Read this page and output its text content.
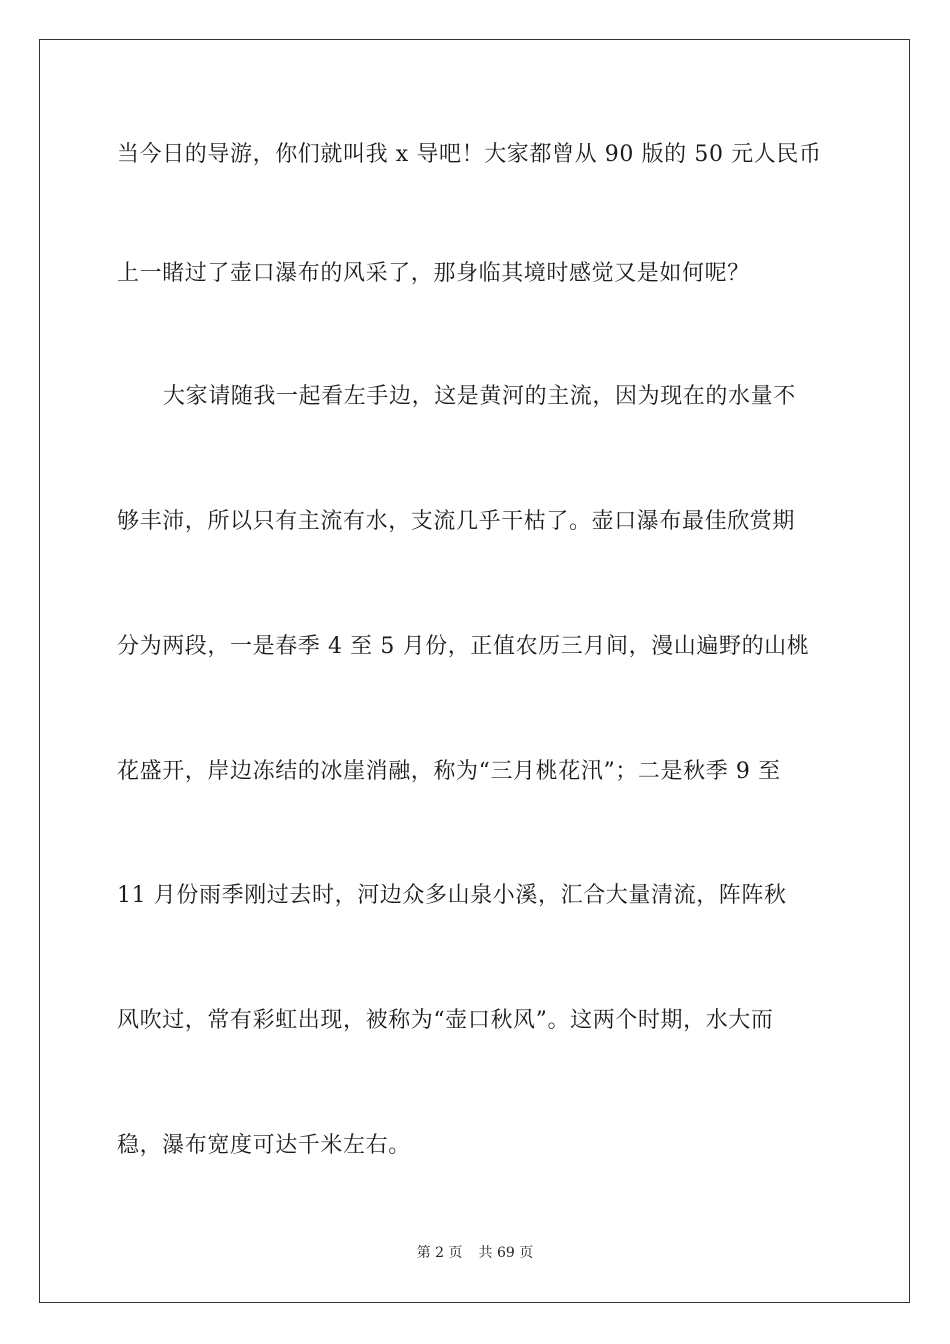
当今日的导游，你们就叫我 x 导吧！大家都曾从 90 版的 50 元人民币
上一睹过了壶口瀑布的风采了，那身临其境时感觉又是如何呢？
大家请随我一起看左手边，这是黄河的主流，因为现在的水量不
够丰沛，所以只有主流有水，支流几乎干枯了。壶口瀑布最佳欣赏期
分为两段，一是春季 4 至 5 月份，正值农历三月间，漫山遍野的山桃
花盛开，岸边冻结的冰崖消融，称为“三月桃花汛”；二是秋季 9 至
11 月份雨季刚过去时，河边众多山泉小溪，汇合大量清流，阵阵秋
风吹过，常有彩虹出现，被称为“壶口秋风”。这两个时期，水大而
稳，瀑布宽度可达千米左右。
第 2 页 共 69 页
